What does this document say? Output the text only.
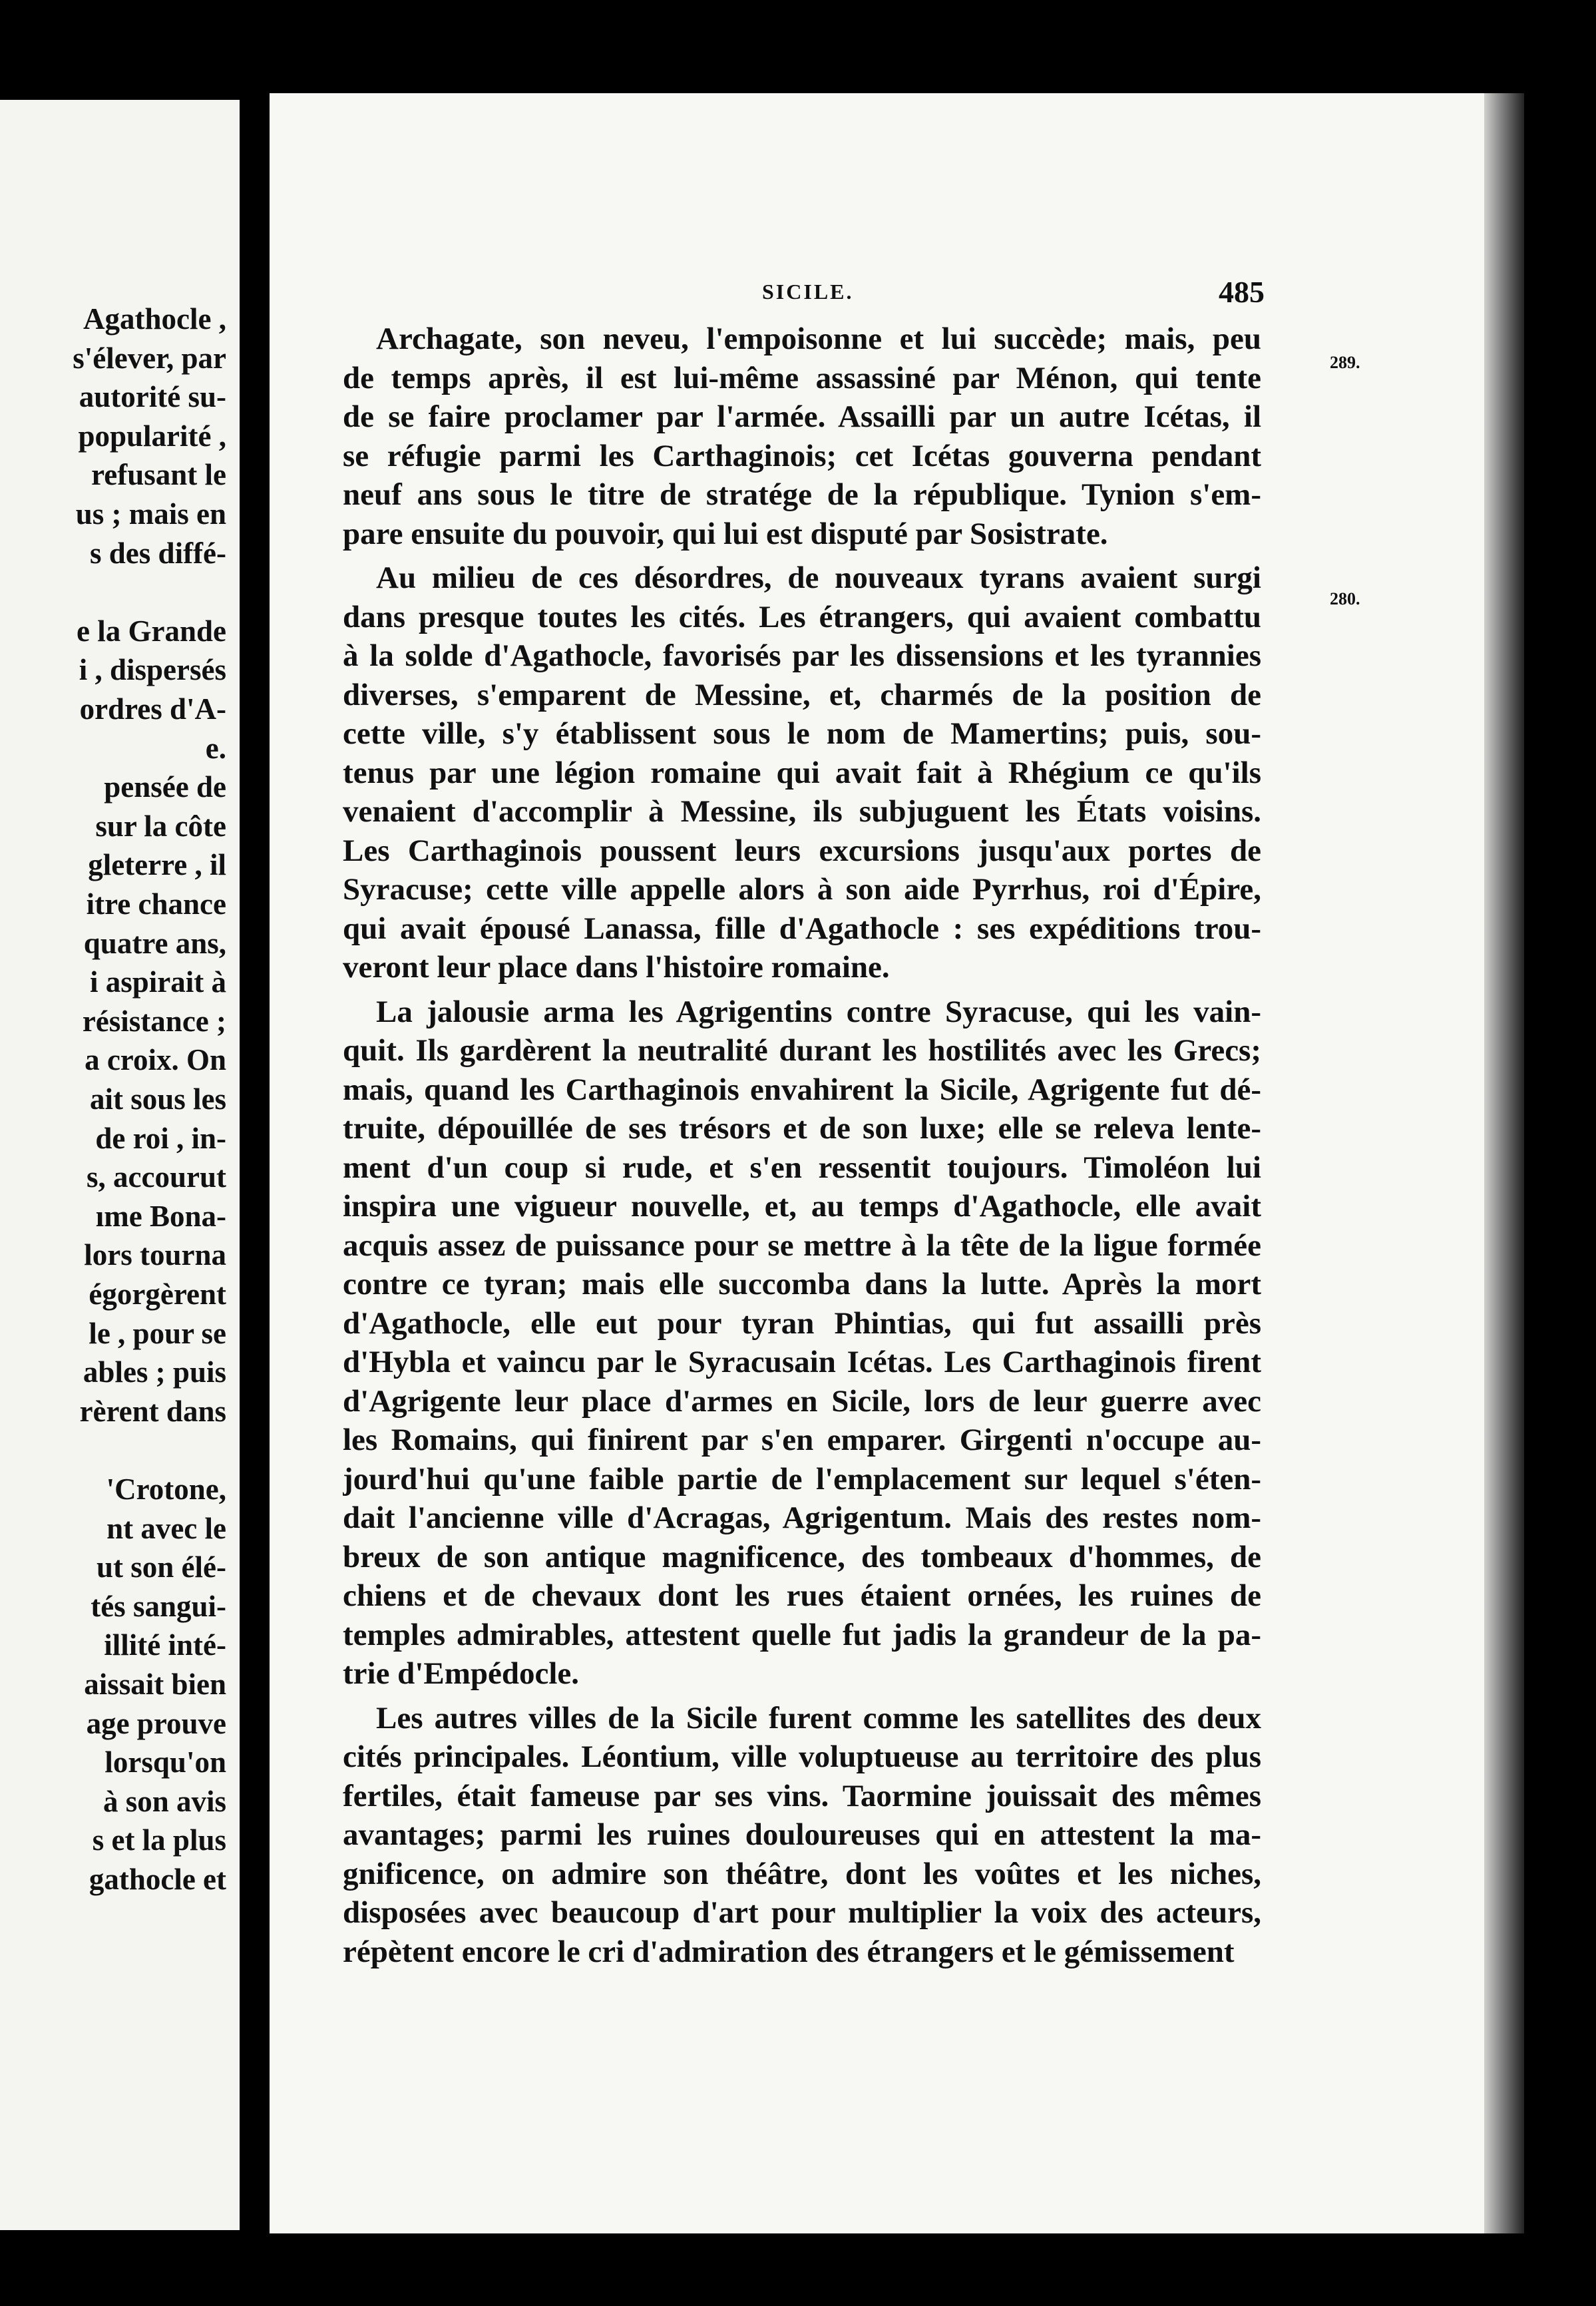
Agathocle ,
s'élever, par
autorité su-
popularité ,
refusant le
us ; mais en
s des diffé-
e la Grande
i , dispersés
ordres d'A-
e.
pensée de
sur la côte
gleterre , il
itre chance
quatre ans,
i aspirait à
résistance ;
a croix. On
ait sous les
de roi , in-
s, accourut
ıme Bona-
lors tourna
égorgèrent
le , pour se
ables ; puis
rèrent dans
'Crotone,
nt avec le
ut son élé-
tés sangui-
illité inté-
aissait bien
age prouve
lorsqu'on
à son avis
s et la plus
gathocle et
SICILE.	485
289.
280.
Archagate, son neveu, l'empoisonne et lui succède; mais, peu
de temps après, il est lui-même assassiné par Ménon, qui tente
de se faire proclamer par l'armée. Assailli par un autre Icétas, il
se réfugie parmi les Carthaginois; cet Icétas gouverna pendant
neuf ans sous le titre de stratége de la république. Tynion s'em-
pare ensuite du pouvoir, qui lui est disputé par Sosistrate.
Au milieu de ces désordres, de nouveaux tyrans avaient surgi
dans presque toutes les cités. Les étrangers, qui avaient combattu
à la solde d'Agathocle, favorisés par les dissensions et les tyrannies
diverses, s'emparent de Messine, et, charmés de la position de
cette ville, s'y établissent sous le nom de Mamertins; puis, sou-
tenus par une légion romaine qui avait fait à Rhégium ce qu'ils
venaient d'accomplir à Messine, ils subjuguent les États voisins.
Les Carthaginois poussent leurs excursions jusqu'aux portes de
Syracuse; cette ville appelle alors à son aide Pyrrhus, roi d'Épire,
qui avait épousé Lanassa, fille d'Agathocle : ses expéditions trou-
veront leur place dans l'histoire romaine.
La jalousie arma les Agrigentins contre Syracuse, qui les vain-
quit. Ils gardèrent la neutralité durant les hostilités avec les Grecs;
mais, quand les Carthaginois envahirent la Sicile, Agrigente fut dé-
truite, dépouillée de ses trésors et de son luxe; elle se releva lente-
ment d'un coup si rude, et s'en ressentit toujours. Timoléon lui
inspira une vigueur nouvelle, et, au temps d'Agathocle, elle avait
acquis assez de puissance pour se mettre à la tête de la ligue formée
contre ce tyran; mais elle succomba dans la lutte. Après la mort
d'Agathocle, elle eut pour tyran Phintias, qui fut assailli près
d'Hybla et vaincu par le Syracusain Icétas. Les Carthaginois firent
d'Agrigente leur place d'armes en Sicile, lors de leur guerre avec
les Romains, qui finirent par s'en emparer. Girgenti n'occupe au-
jourd'hui qu'une faible partie de l'emplacement sur lequel s'éten-
dait l'ancienne ville d'Acragas, Agrigentum. Mais des restes nom-
breux de son antique magnificence, des tombeaux d'hommes, de
chiens et de chevaux dont les rues étaient ornées, les ruines de
temples admirables, attestent quelle fut jadis la grandeur de la pa-
trie d'Empédocle.
Les autres villes de la Sicile furent comme les satellites des deux
cités principales. Léontium, ville voluptueuse au territoire des plus
fertiles, était fameuse par ses vins. Taormine jouissait des mêmes
avantages; parmi les ruines douloureuses qui en attestent la ma-
gnificence, on admire son théâtre, dont les voûtes et les niches,
disposées avec beaucoup d'art pour multiplier la voix des acteurs,
répètent encore le cri d'admiration des étrangers et le gémissement
